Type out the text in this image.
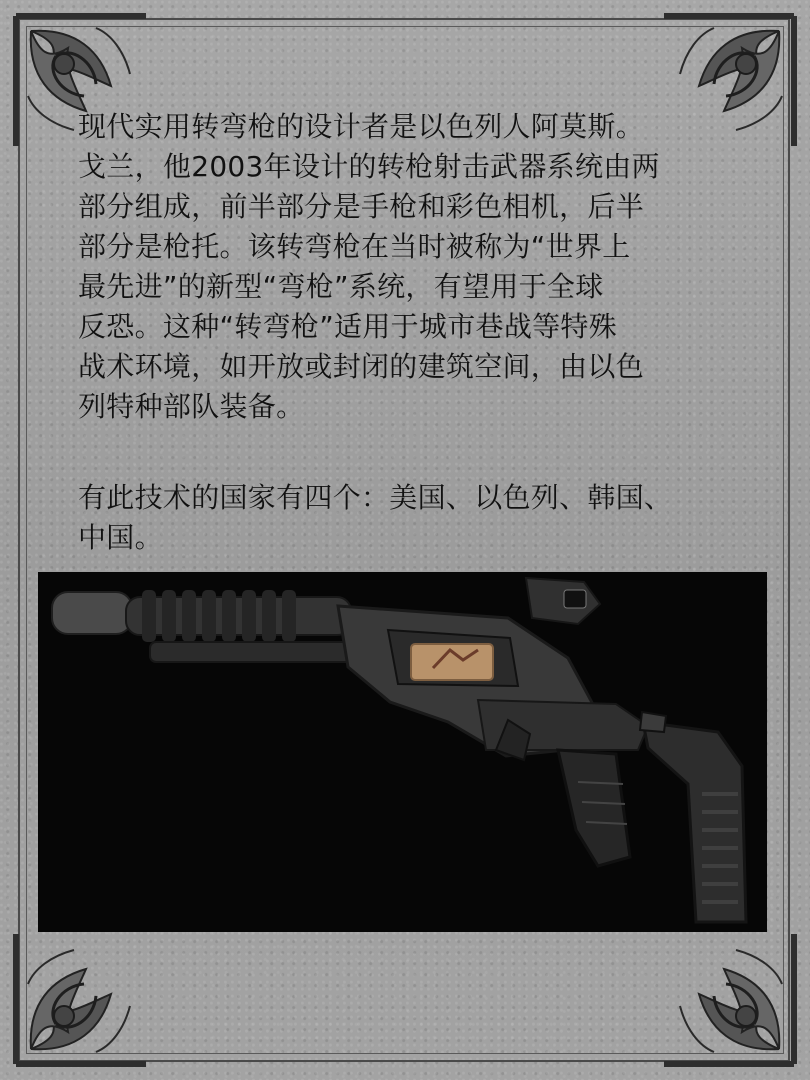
现代实用转弯枪的设计者是以色列人阿莫斯。
戈兰，他2003年设计的转枪射击武器系统由两
部分组成，前半部分是手枪和彩色相机，后半
部分是枪托。该转弯枪在当时被称为“世界上
最先进”的新型“弯枪”系统，有望用于全球
反恐。这种“转弯枪”适用于城市巷战等特殊
战术环境，如开放或封闭的建筑空间，由以色
列特种部队装备。
有此技术的国家有四个：美国、以色列、韩国、
中国。
